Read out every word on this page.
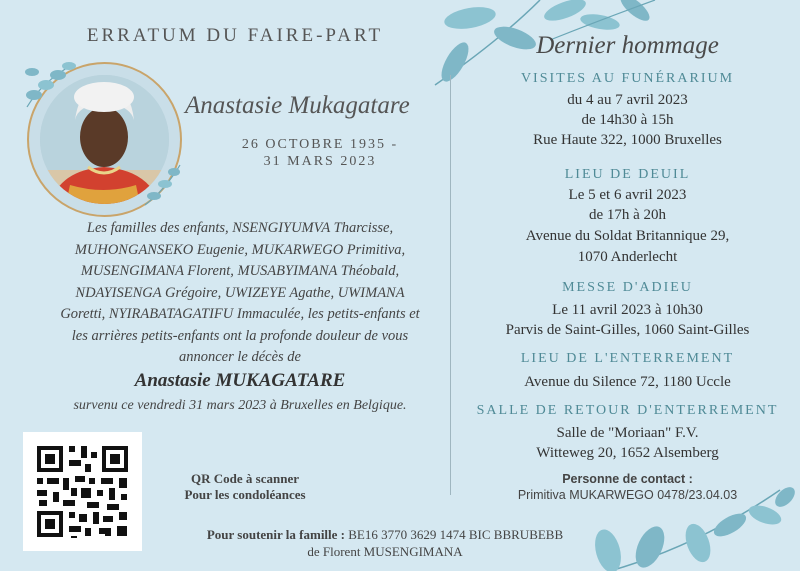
ERRATUM DU FAIRE-PART
Anastasie Mukagatare
26 OCTOBRE 1935 -
31 MARS 2023
Les familles des enfants, NSENGIYUMVA Tharcisse,
MUHONGANSEKO Eugenie, MUKARWEGO Primitiva,
MUSENGIMANA Florent, MUSABYIMANA Théobald,
NDAYISENGA Grégoire, UWIZEYE Agathe, UWIMANA
Goretti, NYIRABATAGATIFU Immaculée, les petits-enfants et
les arrières petits-enfants ont la profonde douleur de vous
annoncer le décès de
Anastasie MUKAGATARE
survenu ce vendredi 31 mars 2023 à Bruxelles en Belgique.
QR Code à scanner
Pour les condoléances
Pour soutenir la famille : BE16 3770 3629 1474 BIC BBRUBEBB
de Florent MUSENGIMANA
Dernier hommage
VISITES AU FUNÉRARIUM
du 4 au 7 avril 2023
de 14h30 à 15h
Rue Haute 322, 1000 Bruxelles
LIEU DE DEUIL
Le 5 et 6 avril 2023
de 17h à 20h
Avenue du Soldat Britannique 29,
1070 Anderlecht
MESSE D'ADIEU
Le 11 avril 2023 à 10h30
Parvis de Saint-Gilles, 1060 Saint-Gilles
LIEU DE L'ENTERREMENT
Avenue du Silence 72, 1180 Uccle
SALLE DE RETOUR D'ENTERREMENT
Salle de "Moriaan" F.V.
Witteweg 20, 1652 Alsemberg
Personne de contact :
Primitiva MUKARWEGO 0478/23.04.03
